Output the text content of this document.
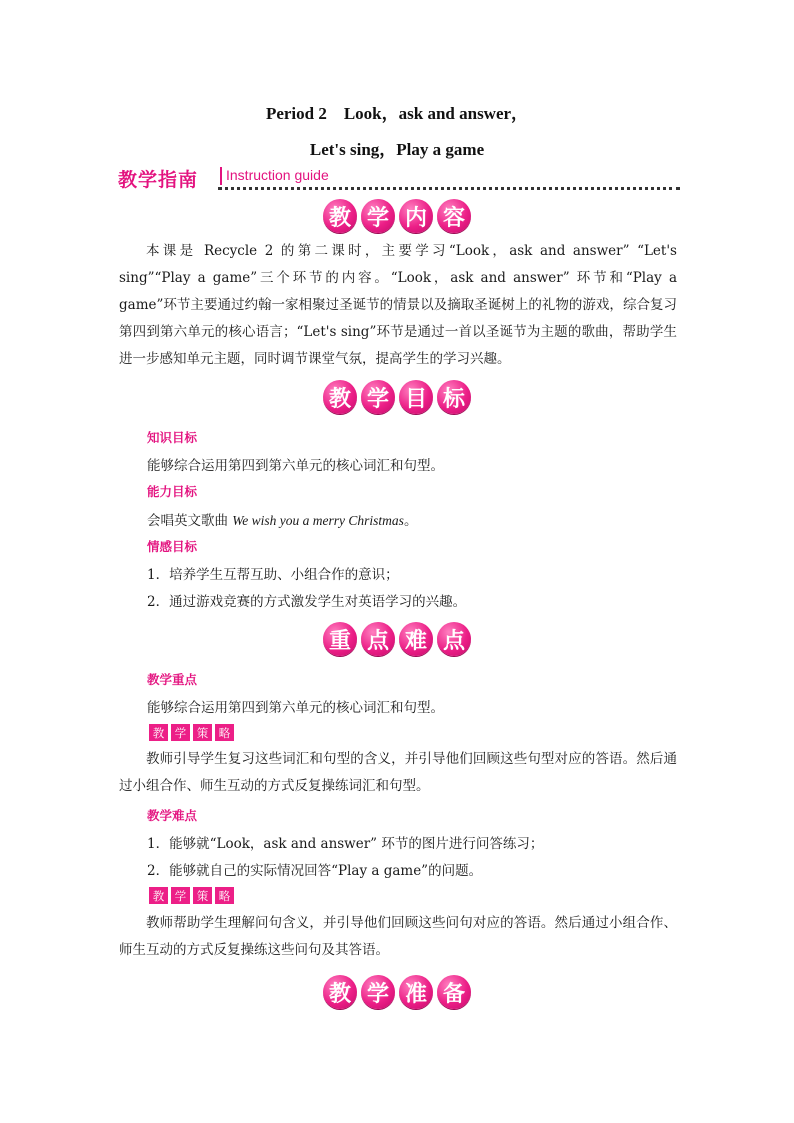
Period 2　Look，ask and answer，
Let's sing，Play a game
教学指南 Instruction guide
教 学 内 容

本课是 Recycle 2 的第二课时，主要学习“Look，ask and answer” “Let's sing”“Play a game”三个环节的内容。“Look，ask and answer” 环节和“Play a game”环节主要通过约翰一家相聚过圣诞节的情景以及摘取圣诞树上的礼物的游戏，综合复习第四到第六单元的核心语言；“Let's sing”环节是通过一首以圣诞节为主题的歌曲，帮助学生进一步感知单元主题，同时调节课堂气氛，提高学生的学习兴趣。

教 学 目 标
知识目标
能够综合运用第四到第六单元的核心词汇和句型。
能力目标
会唱英文歌曲 We wish you a merry Christmas。
情感目标
1．培养学生互帮互助、小组合作的意识；
2．通过游戏竞赛的方式激发学生对英语学习的兴趣。
重 点 难 点
教学重点
能够综合运用第四到第六单元的核心词汇和句型。
教 学 策 略

教师引导学生复习这些词汇和句型的含义，并引导他们回顾这些句型对应的答语。然后通过小组合作、师生互动的方式反复操练词汇和句型。

教学难点
1．能够就“Look，ask and answer” 环节的图片进行问答练习；
2．能够就自己的实际情况回答“Play a game”的问题。
教 学 策 略

教师帮助学生理解问句含义，并引导他们回顾这些问句对应的答语。然后通过小组合作、师生互动的方式反复操练这些问句及其答语。

教 学 准 备
